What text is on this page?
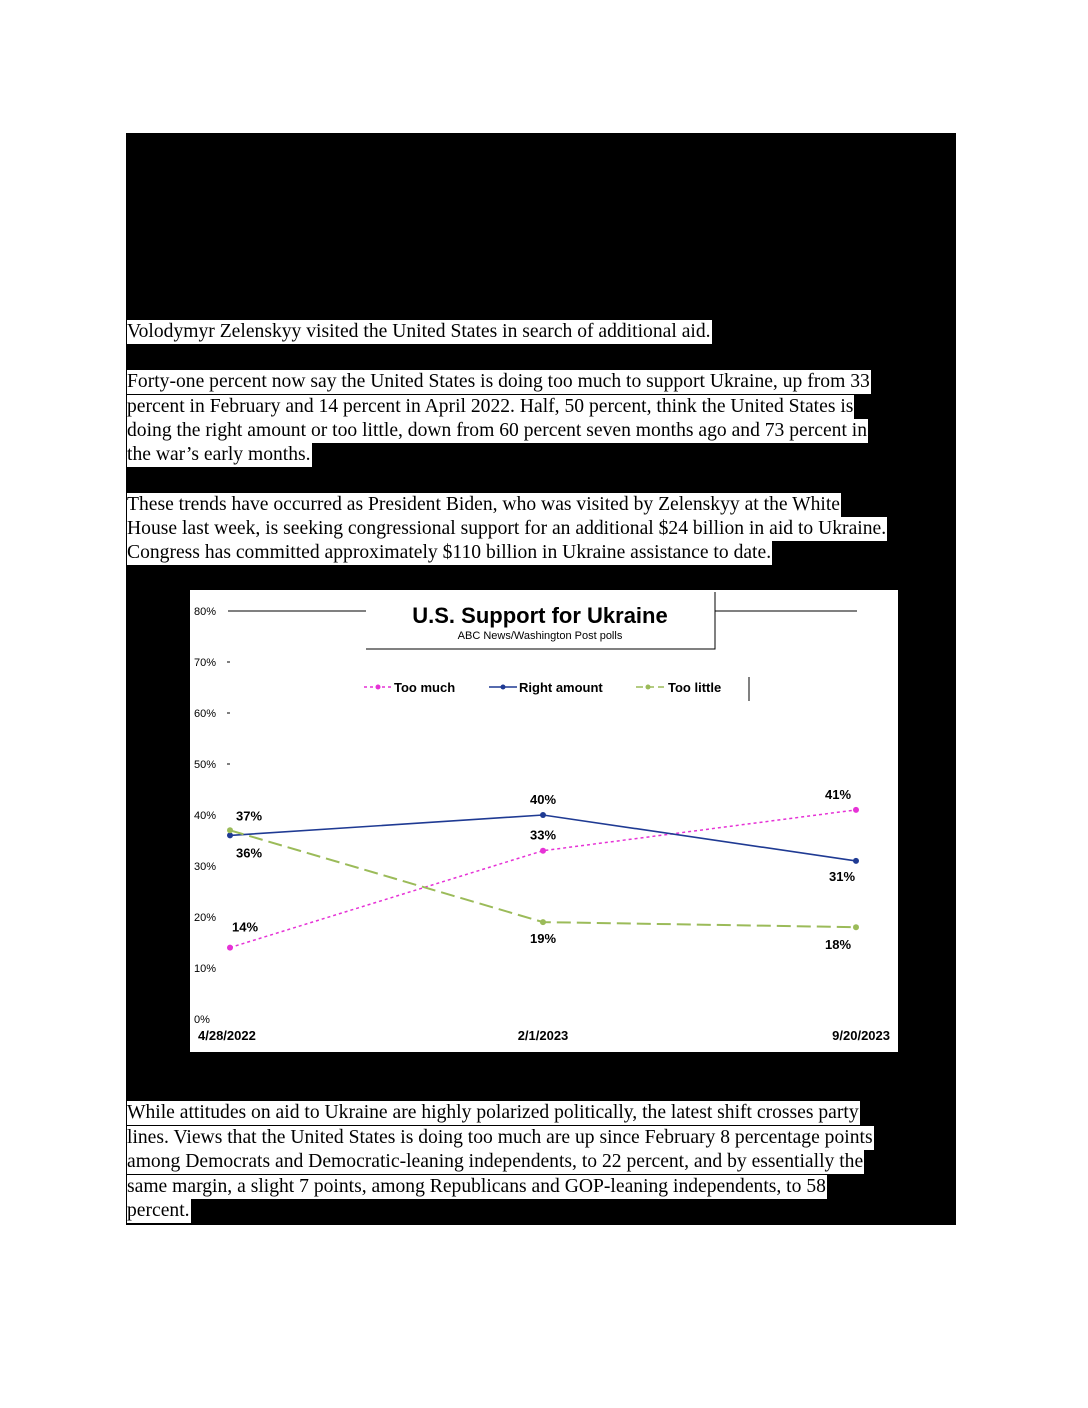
Volodymyr Zelenskyy visited the United States in search of additional aid.
Forty-one percent now say the United States is doing too much to support Ukraine, up from 33
percent in February and 14 percent in April 2022. Half, 50 percent, think the United States is
doing the right amount or too little, down from 60 percent seven months ago and 73 percent in
the war’s early months.
These trends have occurred as President Biden, who was visited by Zelenskyy at the White
House last week, is seeking congressional support for an additional $24 billion in aid to Ukraine.
Congress has committed approximately $110 billion in Ukraine assistance to date.
U.S. Support for Ukraine
ABC News/Washington Post polls
Too much	Right amount	Too little
0%
10%
20%
30%
40%
50%
60%
70%
80%
4/28/2022	2/1/2023	9/20/2023
14%
33%
41%
36%
40%
31%
37%
19%	18%
While attitudes on aid to Ukraine are highly polarized politically, the latest shift crosses party
lines. Views that the United States is doing too much are up since February 8 percentage points
among Democrats and Democratic-leaning independents, to 22 percent, and by essentially the
same margin, a slight 7 points, among Republicans and GOP-leaning independents, to 58
percent.
